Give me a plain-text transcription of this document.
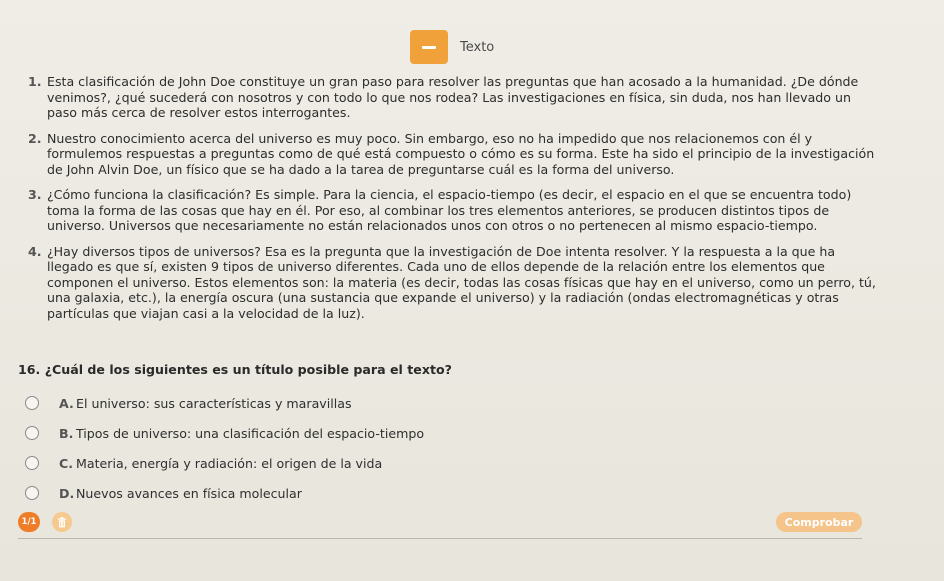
Texto
1. Esta clasificación de John Doe constituye un gran paso para resolver las preguntas que han acosado a la humanidad. ¿De dónde venimos?, ¿qué sucederá con nosotros y con todo lo que nos rodea? Las investigaciones en física, sin duda, nos han llevado un paso más cerca de resolver estos interrogantes.
2. Nuestro conocimiento acerca del universo es muy poco. Sin embargo, eso no ha impedido que nos relacionemos con él y formulemos respuestas a preguntas como de qué está compuesto o cómo es su forma. Este ha sido el principio de la investigación de John Alvin Doe, un físico que se ha dado a la tarea de preguntarse cuál es la forma del universo.
3. ¿Cómo funciona la clasificación? Es simple. Para la ciencia, el espacio-tiempo (es decir, el espacio en el que se encuentra todo) toma la forma de las cosas que hay en él. Por eso, al combinar los tres elementos anteriores, se producen distintos tipos de universo. Universos que necesariamente no están relacionados unos con otros o no pertenecen al mismo espacio-tiempo.
4. ¿Hay diversos tipos de universos? Esa es la pregunta que la investigación de Doe intenta resolver. Y la respuesta a la que ha llegado es que sí, existen 9 tipos de universo diferentes. Cada uno de ellos depende de la relación entre los elementos que componen el universo. Estos elementos son: la materia (es decir, todas las cosas físicas que hay en el universo, como un perro, tú, una galaxia, etc.), la energía oscura (una sustancia que expande el universo) y la radiación (ondas electromagnéticas y otras partículas que viajan casi a la velocidad de la luz).
16. ¿Cuál de los siguientes es un título posible para el texto?
A. El universo: sus características y maravillas
B. Tipos de universo: una clasificación del espacio-tiempo
C. Materia, energía y radiación: el origen de la vida
D. Nuevos avances en física molecular
1/1	Comprobar
